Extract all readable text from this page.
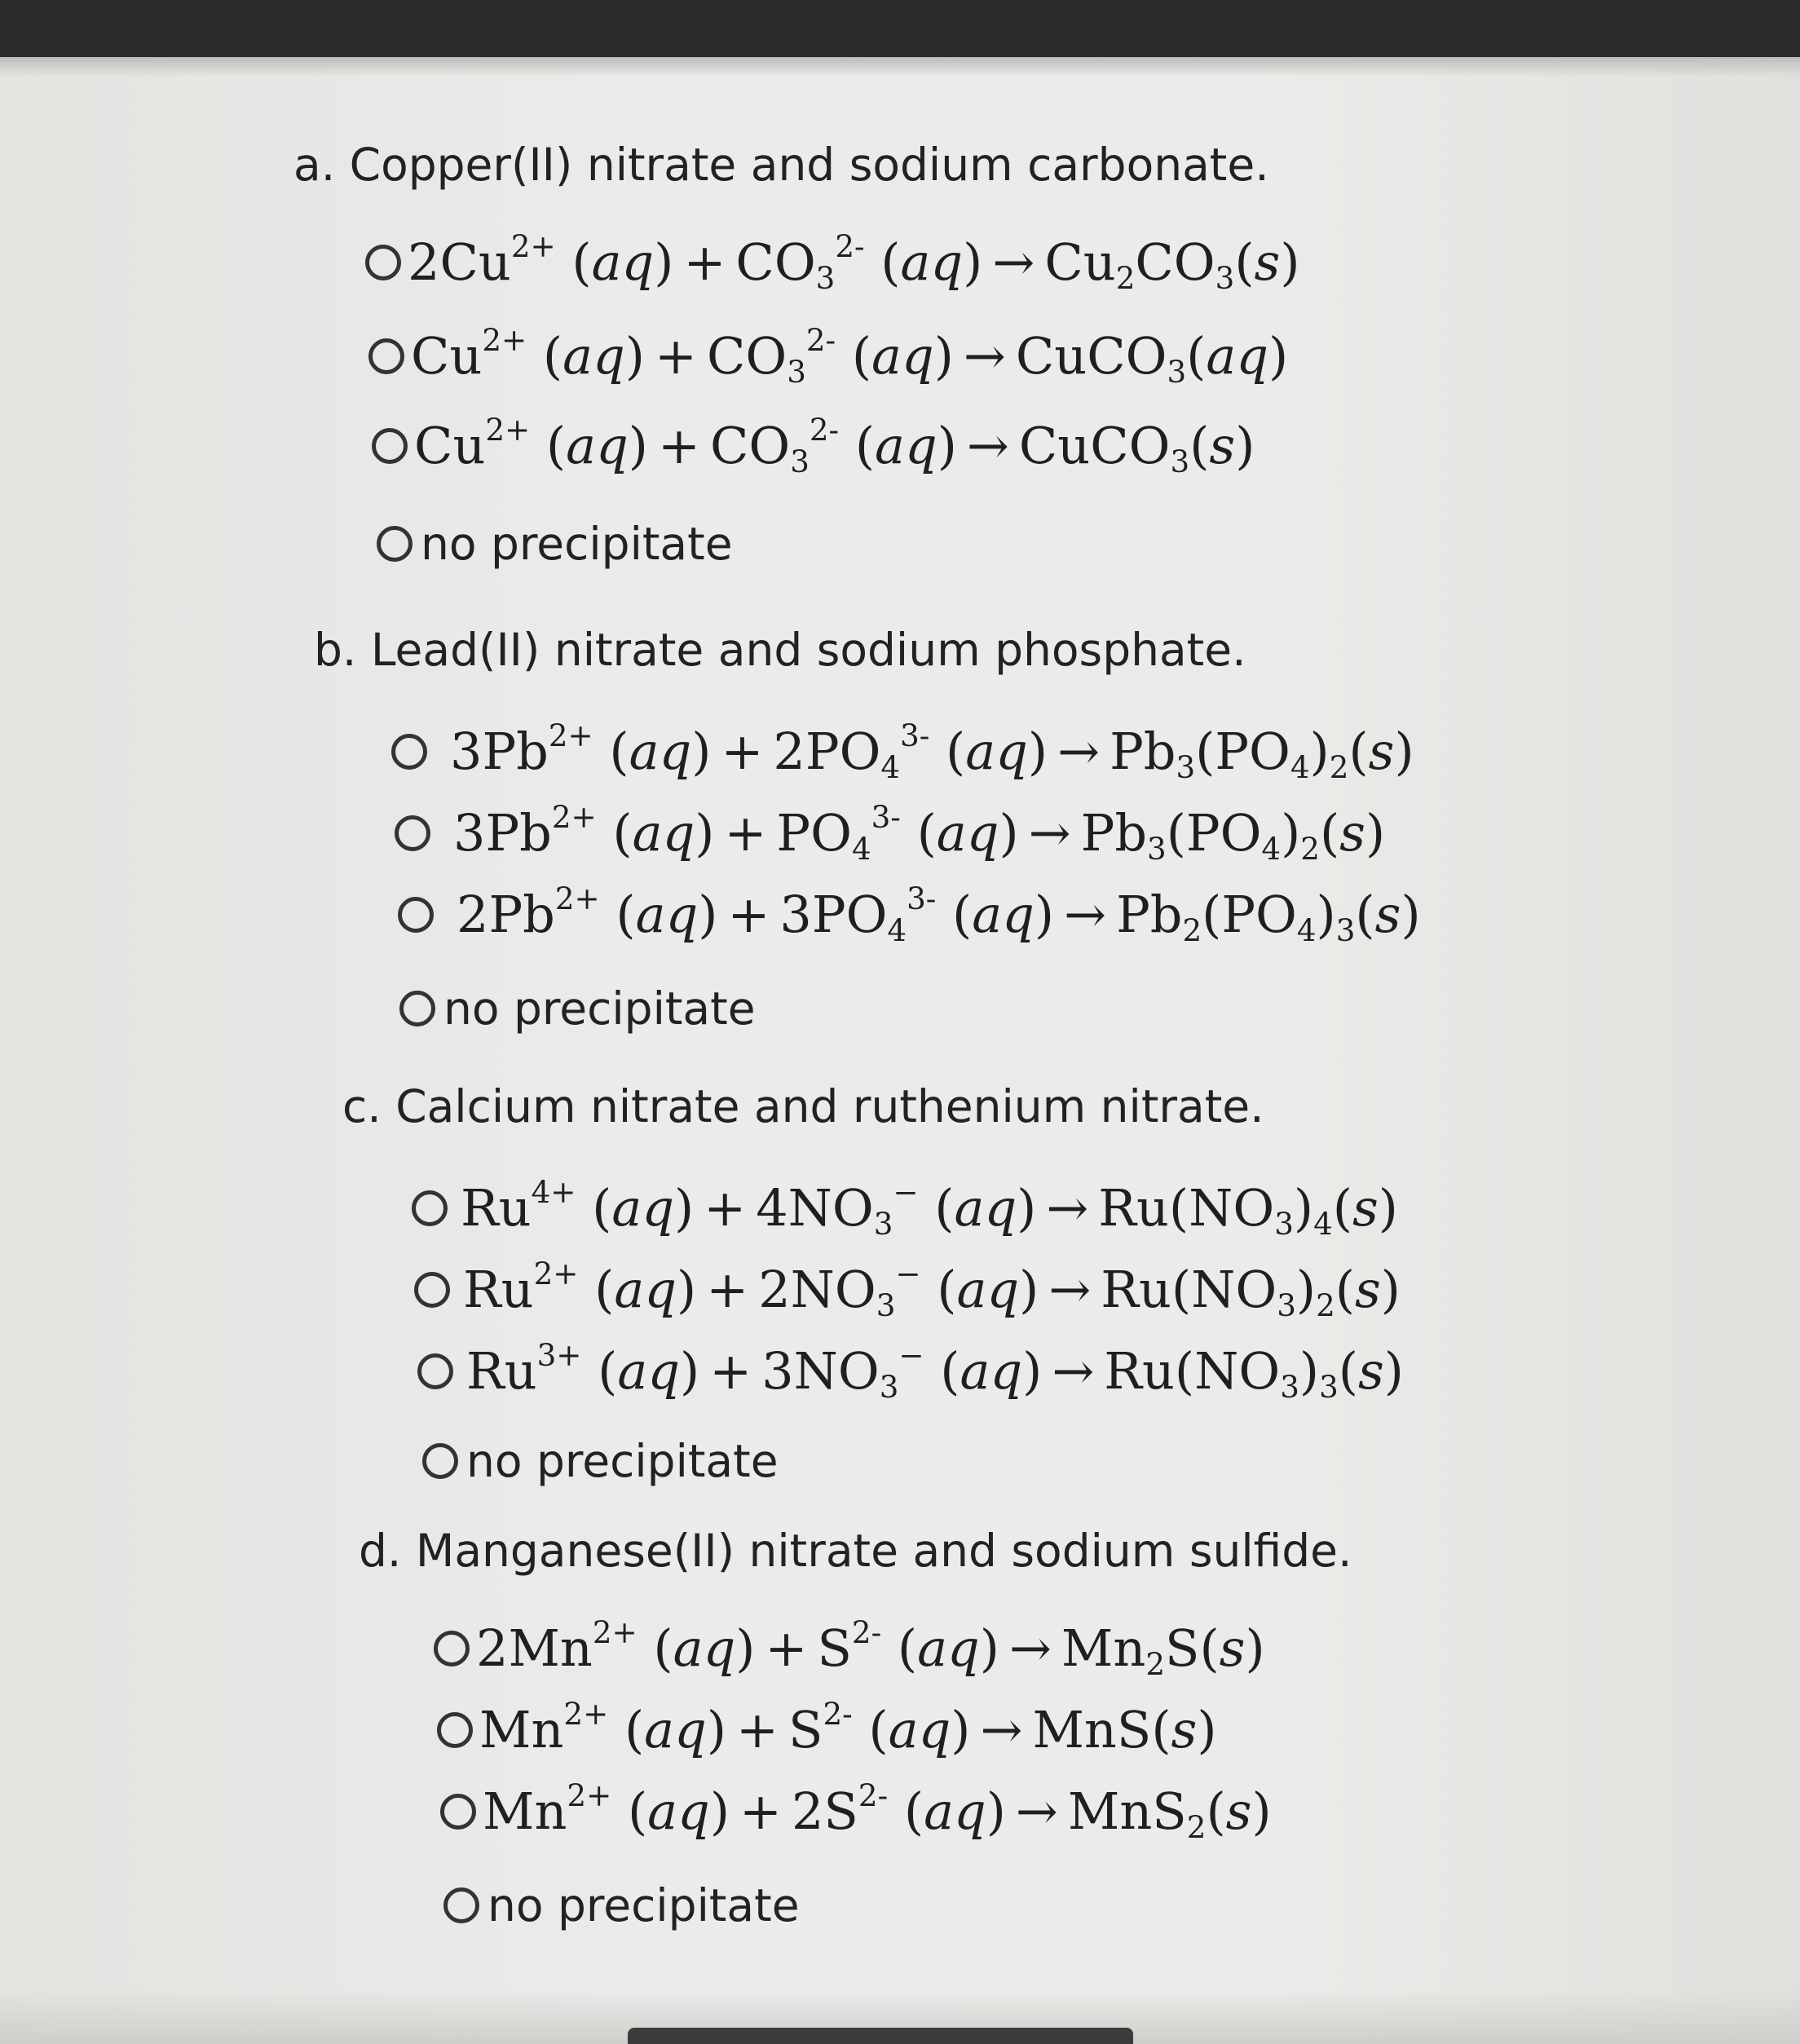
a. Copper(II) nitrate and sodium carbonate.
$2Cu^{2+}$ $(aq) + CO_3^{2-}$ $(aq) \to Cu_2CO_3(s)$
$Cu^{2+}$ $(aq) + CO_3^{2-}$ (aq) → CuCO$_3$(aq)
$Cu^{2+}$ $(aq) + CO_3^{2-}$ (aq) → CuCO$_3$(s)
no precipitate
b. Lead(II) nitrate and sodium phosphate.
$3Pb^{2+}$ $(aq) + 2PO_4^{3-}$ $(aq) \to Pb_3(PO_4)_2(s)$
$3Pb^{2+}$ $(aq) + PO_4^{3-}$ $(aq) \to Pb_3(PO_4)_2(s)$
$2Pb^{2+}$ $(aq) + 3PO_4^{3-}$ $(aq) \to Pb_2(PO_4)_3(s)$
no precipitate
c. Calcium nitrate and ruthenium nitrate.
$Ru^{4+}$ $(aq) + 4NO_3^-$ $(aq) \to Ru(NO_3)_4(s)$
$Ru^{2+}$ $(aq) + 2NO_3^-$ $(aq) \to Ru(NO_3)_2(s)$
$Ru^{3+}$ $(aq) + 3NO_3^-$ $(aq) \to Ru(NO_3)_3(s)$
no precipitate
d. Manganese(II) nitrate and sodium sulfide.
$2Mn^{2+}$ $(aq) + S^{2-}$ $(aq) \to Mn_2S(s)$
$Mn^{2+}$ $(aq) + S^{2-}$ (aq) → MnS(s)
$Mn^{2+}$ $(aq) + 2S^{2-}$ (aq) → MnS$_2$(s)
no precipitate
